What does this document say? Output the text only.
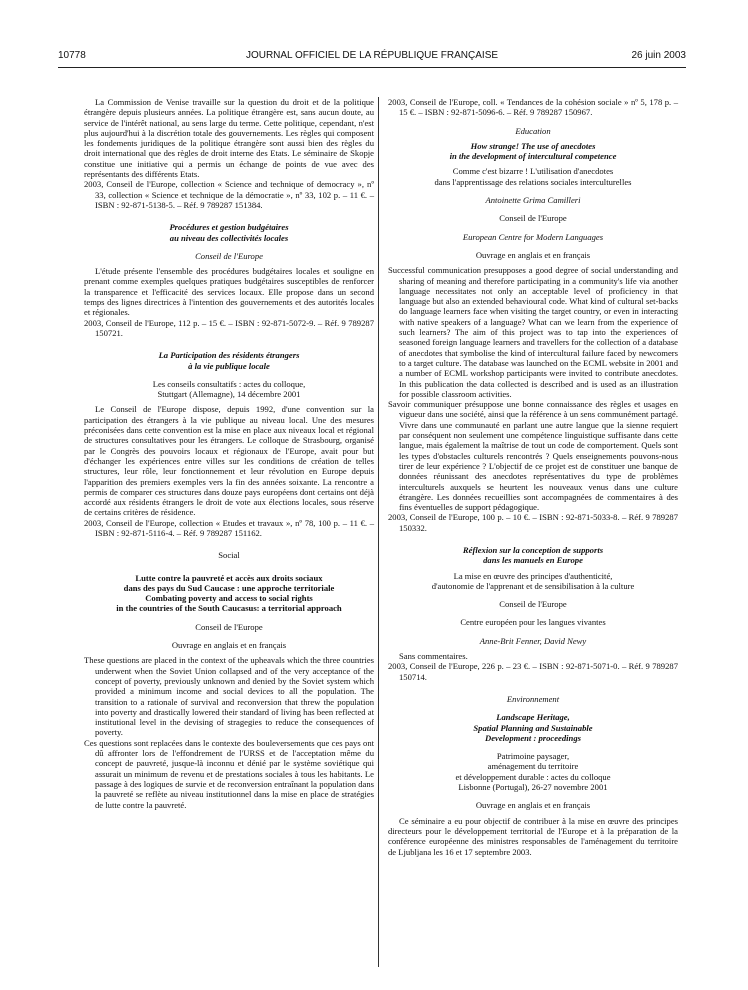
10778	JOURNAL OFFICIEL DE LA RÉPUBLIQUE FRANÇAISE	26 juin 2003

La Commission de Venise travaille sur la question du droit et de la politique étrangère depuis plusieurs années. La politique étrangère est, sans aucun doute, au service de l'intérêt national, au sens large du terme. Cette politique, cependant, n'est plus aujourd'hui à la discrétion totale des gouvernements. Les règles qui composent les fondements juridiques de la politique étrangère sont aussi bien des règles du droit international que des règles de droit interne des Etats. Le séminaire de Skopje constitue une initiative qui a permis un échange de points de vue avec des représentants des différents Etats.

2003, Conseil de l'Europe, collection « Science and technique of democracy », nº 33, collection « Science et technique de la démocratie », nº 33, 102 p. – 11 €. – ISBN : 92-871-5138-5. – Réf. 9 789287 151384.

Procédures et gestion budgétaires
au niveau des collectivités locales

Conseil de l'Europe

L'étude présente l'ensemble des procédures budgétaires locales et souligne en prenant comme exemples quelques pratiques budgétaires susceptibles de renforcer la transparence et l'efficacité des services locaux. Elle propose dans un second temps des lignes directrices à l'intention des gouvernements et des autorités locales et régionales.

2003, Conseil de l'Europe, 112 p. – 15 €. – ISBN : 92-871-5072-9. – Réf. 9 789287 150721.

La Participation des résidents étrangers
à la vie publique locale

Les conseils consultatifs : actes du colloque,
Stuttgart (Allemagne), 14 décembre 2001

Le Conseil de l'Europe dispose, depuis 1992, d'une convention sur la participation des étrangers à la vie publique au niveau local. Une des mesures préconisées dans cette convention est la mise en place aux niveaux local et régional de structures consultatives pour les étrangers. Le colloque de Strasbourg, organisé par le Congrès des pouvoirs locaux et régionaux de l'Europe, avait pour but d'échanger les expériences entre villes sur les conditions de création de telles structures, leur rôle, leur fonctionnement et leur révolution en Europe depuis l'apparition des premiers exemples vers la fin des années soixante. La rencontre a permis de comparer ces structures dans douze pays européens dont certains ont déjà accordé aux résidents étrangers le droit de vote aux élections locales, sous réserve de certains critères de résidence.

2003, Conseil de l'Europe, collection « Etudes et travaux », nº 78, 100 p. – 11 €. – ISBN : 92-871-5116-4. – Réf. 9 789287 151162.

Social

Lutte contre la pauvreté et accès aux droits sociaux
dans des pays du Sud Caucase : une approche territoriale
Combating poverty and access to social rights
in the countries of the South Caucasus: a territorial approach

Conseil de l'Europe

Ouvrage en anglais et en français

These questions are placed in the context of the upheavals which the three countries underwent when the Soviet Union collapsed and of the very acceptance of the concept of poverty, previously unknown and denied by the Soviet system which provided a minimum income and social devices to all the population. The transition to a rationale of survival and reconversion that threw the population into poverty and drastically lowered their standard of living has been reflected at institutional level in the devising of stragegies to reduce the consequences of poverty.

Ces questions sont replacées dans le contexte des bouleversements que ces pays ont dû affronter lors de l'effondrement de l'URSS et de l'acceptation même du concept de pauvreté, jusque-là inconnu et dénié par le système soviétique qui assurait un minimum de revenu et de prestations sociales à tous les habitants. Le passage à des logiques de survie et de reconversion entraînant la population dans la pauvreté se reflète au niveau institutionnel dans la mise en place de stratégies de lutte contre la pauvreté.

2003, Conseil de l'Europe, coll. « Tendances de la cohésion sociale » nº 5, 178 p. – 15 €. – ISBN : 92-871-5096-6. – Réf. 9 789287 150967.

Education

How strange! The use of anecdotes
in the development of intercultural competence

Comme c'est bizarre ! L'utilisation d'anecdotes
dans l'apprentissage des relations sociales interculturelles

Antoinette Grima Camilleri

Conseil de l'Europe

European Centre for Modern Languages

Ouvrage en anglais et en français

Successful communication presupposes a good degree of social understanding and sharing of meaning and therefore participating in a community's life via another language necessitates not only an acceptable level of proficiency in that language but also an extended behavioural code. What kind of cultural set-backs do language learners face when visiting the target country, or even in interacting with native speakers of a language? What can we learn from the experience of such learners? The aim of this project was to tap into the experiences of seasoned foreign language learners and travellers for the collection of a database of anecdotes that symbolise the kind of intercultural failure faced by newcomers to a target culture. The database was launched on the ECML website in 2001 and a number of ECML workshop participants were invited to contribute anecdotes. In this publication the data collected is described and is used as an illustration for possible classroom activities.

Savoir communiquer présuppose une bonne connaissance des règles et usages en vigueur dans une société, ainsi que la référence à un sens communément partagé. Vivre dans une communauté en parlant une autre langue que la sienne requiert par conséquent non seulement une compétence linguistique suffisante dans cette langue, mais également la maîtrise de tout un code de comportement. Quels sont les types d'obstacles culturels rencontrés ? Quels enseignements pouvons-nous tirer de leur expérience ? L'objectif de ce projet est de constituer une banque de données réunissant des anecdotes représentatives du type de problèmes interculturels auxquels se heurtent les nouveaux venus dans une culture étrangère. Les données recueillies sont accompagnées de commentaires à des fins éventuelles de support pédagogique.

2003, Conseil de l'Europe, 100 p. – 10 €. – ISBN : 92-871-5033-8. – Réf. 9 789287 150332.

Réflexion sur la conception de supports
dans les manuels en Europe

La mise en œuvre des principes d'authenticité,
d'autonomie de l'apprenant et de sensibilisation à la culture

Conseil de l'Europe

Centre européen pour les langues vivantes

Anne-Brit Fenner, David Newy

Sans commentaires.

2003, Conseil de l'Europe, 226 p. – 23 €. – ISBN : 92-871-5071-0. – Réf. 9 789287 150714.

Environnement

Landscape Heritage,
Spatial Planning and Sustainable
Development : proceedings

Patrimoine paysager,
aménagement du territoire
et développement durable : actes du colloque
Lisbonne (Portugal), 26-27 novembre 2001

Ouvrage en anglais et en français

Ce séminaire a eu pour objectif de contribuer à la mise en œuvre des principes directeurs pour le développement territorial de l'Europe et à la préparation de la conférence européenne des ministres responsables de l'aménagement du territoire de Ljubljana les 16 et 17 septembre 2003.
